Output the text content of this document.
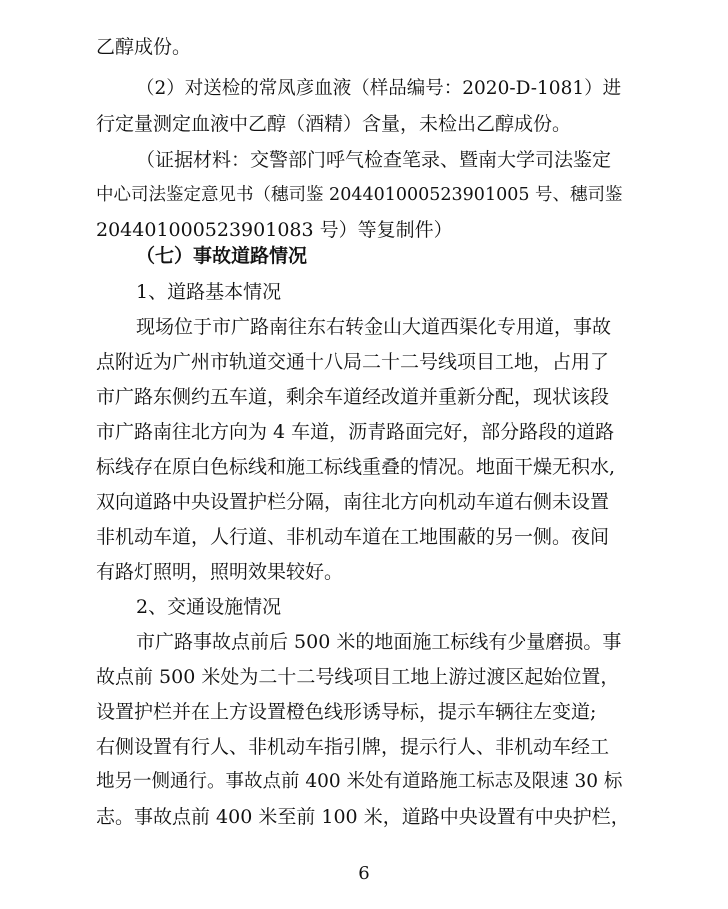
乙醇成份。
（2）对送检的常凤彦血液（样品编号：2020-D-1081）进
行定量测定血液中乙醇（酒精）含量，未检出乙醇成份。
（证据材料：交警部门呼气检查笔录、暨南大学司法鉴定
中心司法鉴定意见书（穗司鉴 204401000523901005 号、穗司鉴
204401000523901083 号）等复制件）
（七）事故道路情况
1、道路基本情况
现场位于市广路南往东右转金山大道西渠化专用道，事故
点附近为广州市轨道交通十八局二十二号线项目工地，占用了
市广路东侧约五车道，剩余车道经改道并重新分配，现状该段
市广路南往北方向为 4 车道，沥青路面完好，部分路段的道路
标线存在原白色标线和施工标线重叠的情况。地面干燥无积水,
双向道路中央设置护栏分隔，南往北方向机动车道右侧未设置
非机动车道，人行道、非机动车道在工地围蔽的另一侧。夜间
有路灯照明，照明效果较好。
2、交通设施情况
市广路事故点前后 500 米的地面施工标线有少量磨损。事
故点前 500 米处为二十二号线项目工地上游过渡区起始位置，
设置护栏并在上方设置橙色线形诱导标，提示车辆往左变道;
右侧设置有行人、非机动车指引牌，提示行人、非机动车经工
地另一侧通行。事故点前 400 米处有道路施工标志及限速 30 标
志。事故点前 400 米至前 100 米，道路中央设置有中央护栏，
6
